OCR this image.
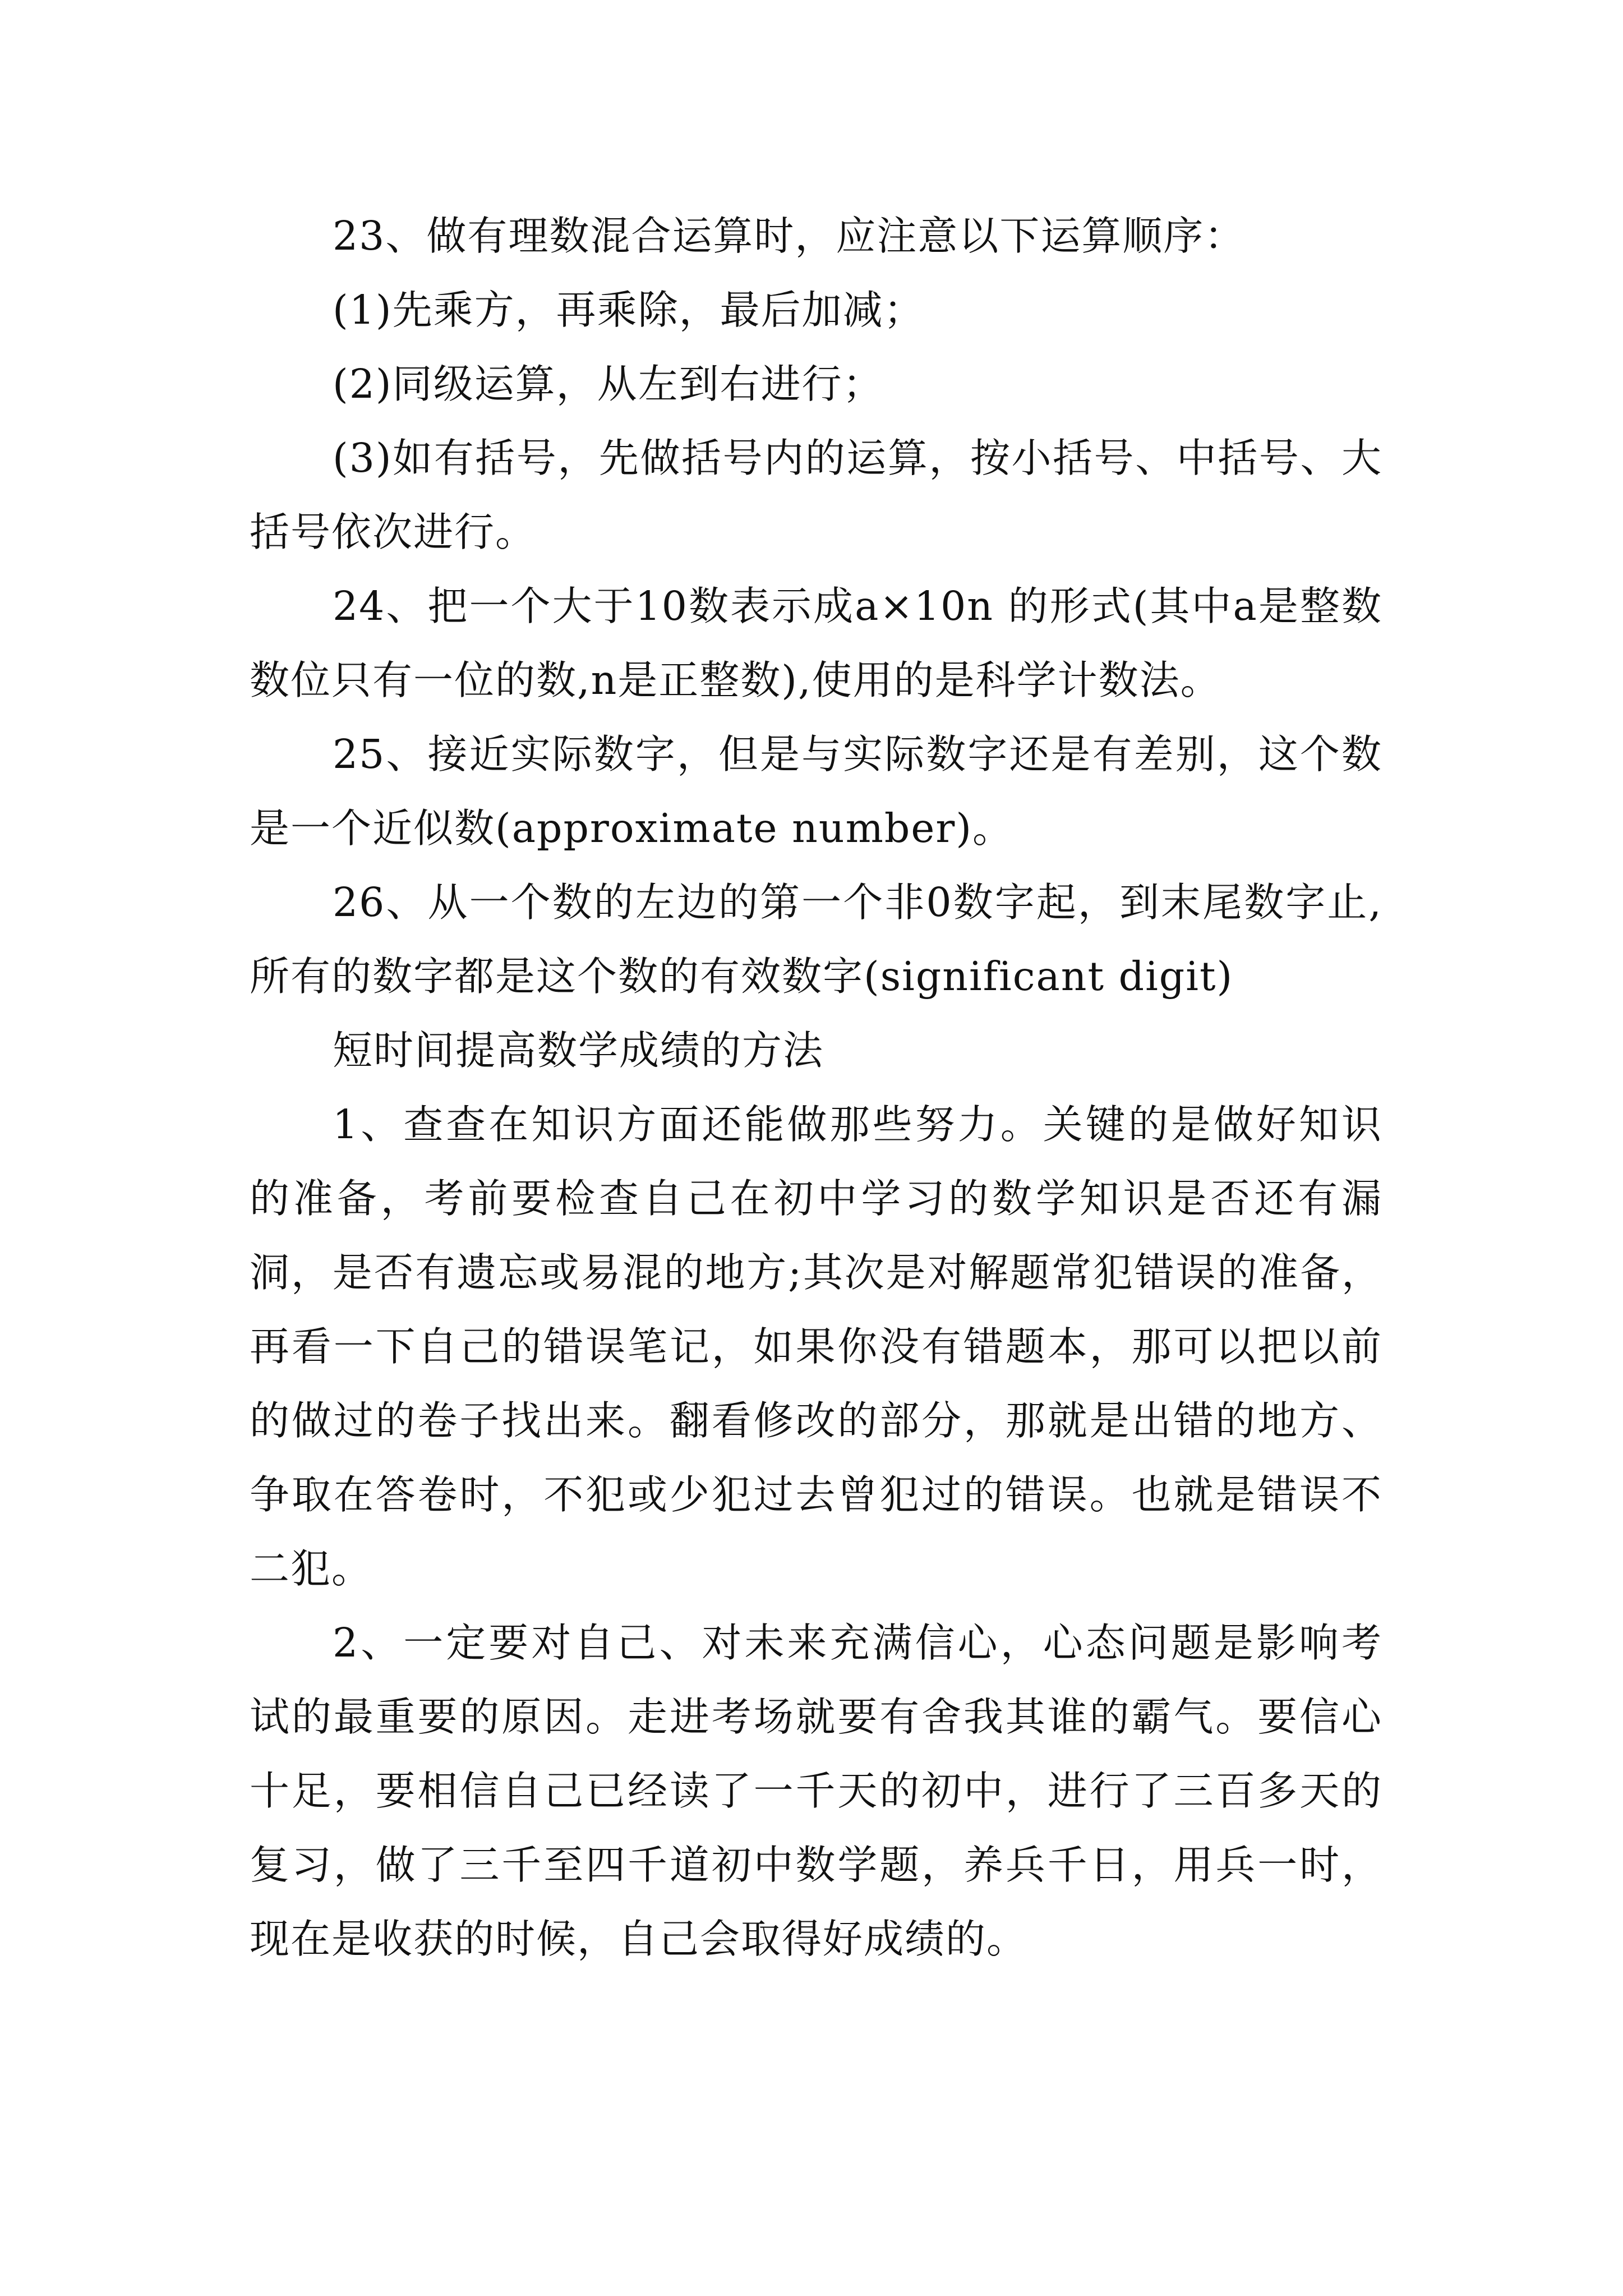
23、做有理数混合运算时，应注意以下运算顺序：

(1)先乘方，再乘除，最后加减；

(2)同级运算，从左到右进行；

(3)如有括号，先做括号内的运算，按小括号、中括号、大括号依次进行。

24、把一个大于10数表示成a×10n 的形式(其中a是整数数位只有一位的数,n是正整数),使用的是科学计数法。

25、接近实际数字，但是与实际数字还是有差别，这个数是一个近似数(approximate number)。

26、从一个数的左边的第一个非0数字起，到末尾数字止,所有的数字都是这个数的有效数字(significant digit)

短时间提高数学成绩的方法

1、查查在知识方面还能做那些努力。关键的是做好知识的准备，考前要检查自己在初中学习的数学知识是否还有漏洞，是否有遗忘或易混的地方;其次是对解题常犯错误的准备，再看一下自己的错误笔记，如果你没有错题本，那可以把以前的做过的卷子找出来。翻看修改的部分，那就是出错的地方、争取在答卷时，不犯或少犯过去曾犯过的错误。也就是错误不二犯。

2、一定要对自己、对未来充满信心，心态问题是影响考试的最重要的原因。走进考场就要有舍我其谁的霸气。要信心十足，要相信自己已经读了一千天的初中，进行了三百多天的复习，做了三千至四千道初中数学题，养兵千日，用兵一时，现在是收获的时候，自己会取得好成绩的。
